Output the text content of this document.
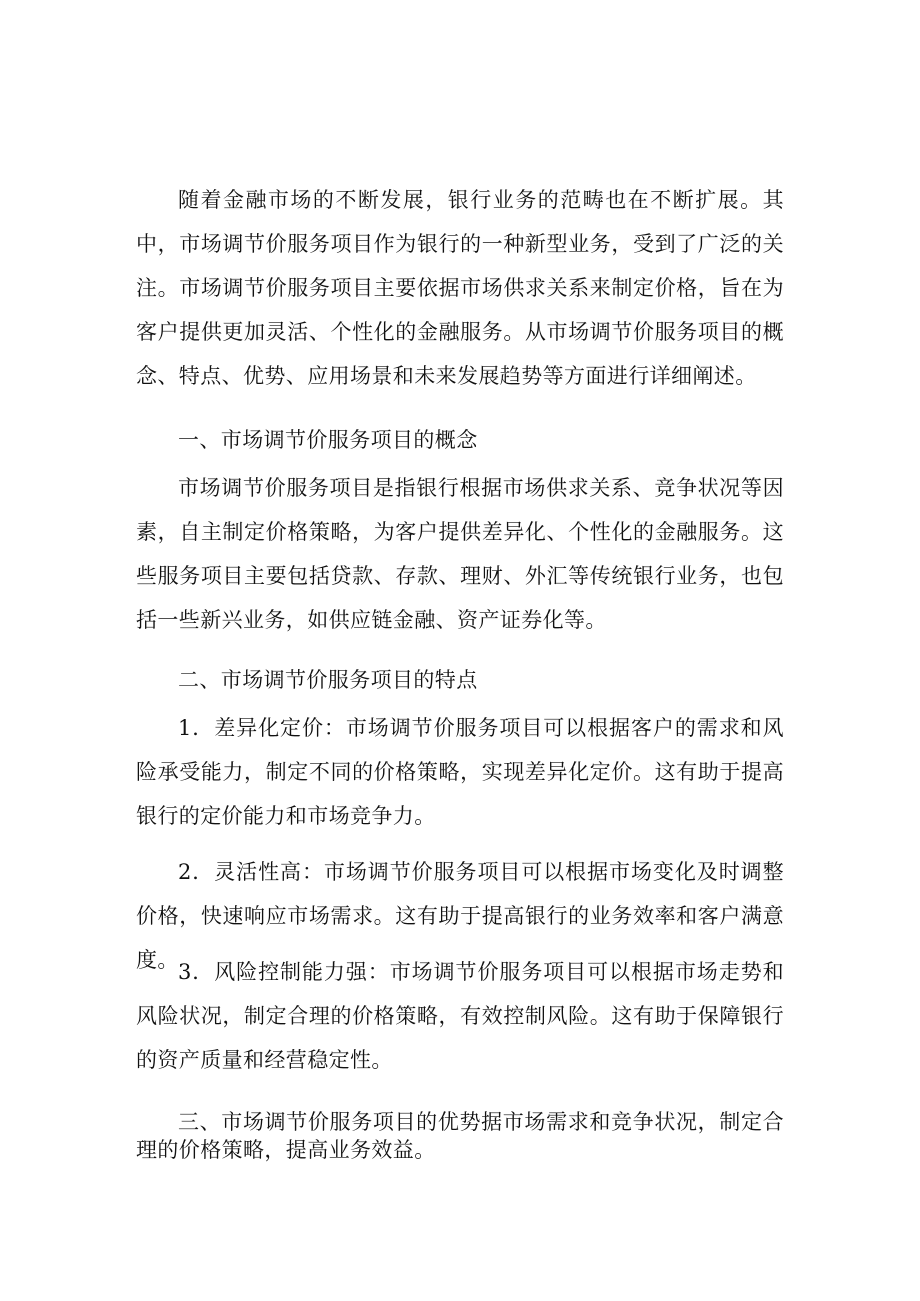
随着金融市场的不断发展，银行业务的范畴也在不断扩展。其中，市场调节价服务项目作为银行的一种新型业务，受到了广泛的关注。市场调节价服务项目主要依据市场供求关系来制定价格，旨在为客户提供更加灵活、个性化的金融服务。从市场调节价服务项目的概念、特点、优势、应用场景和未来发展趋势等方面进行详细阐述。

一、市场调节价服务项目的概念

市场调节价服务项目是指银行根据市场供求关系、竞争状况等因素，自主制定价格策略，为客户提供差异化、个性化的金融服务。这些服务项目主要包括贷款、存款、理财、外汇等传统银行业务，也包括一些新兴业务，如供应链金融、资产证券化等。

二、市场调节价服务项目的特点

1．差异化定价：市场调节价服务项目可以根据客户的需求和风险承受能力，制定不同的价格策略，实现差异化定价。这有助于提高银行的定价能力和市场竞争力。

2．灵活性高：市场调节价服务项目可以根据市场变化及时调整价格，快速响应市场需求。这有助于提高银行的业务效率和客户满意度。 3．风险控制能力强：市场调节价服务项目可以根据市场走势和风险状况，制定合理的价格策略，有效控制风险。这有助于保障银行的资产质量和经营稳定性。

三、市场调节价服务项目的优势据市场需求和竞争状况，制定合理的价格策略，提高业务效益。
